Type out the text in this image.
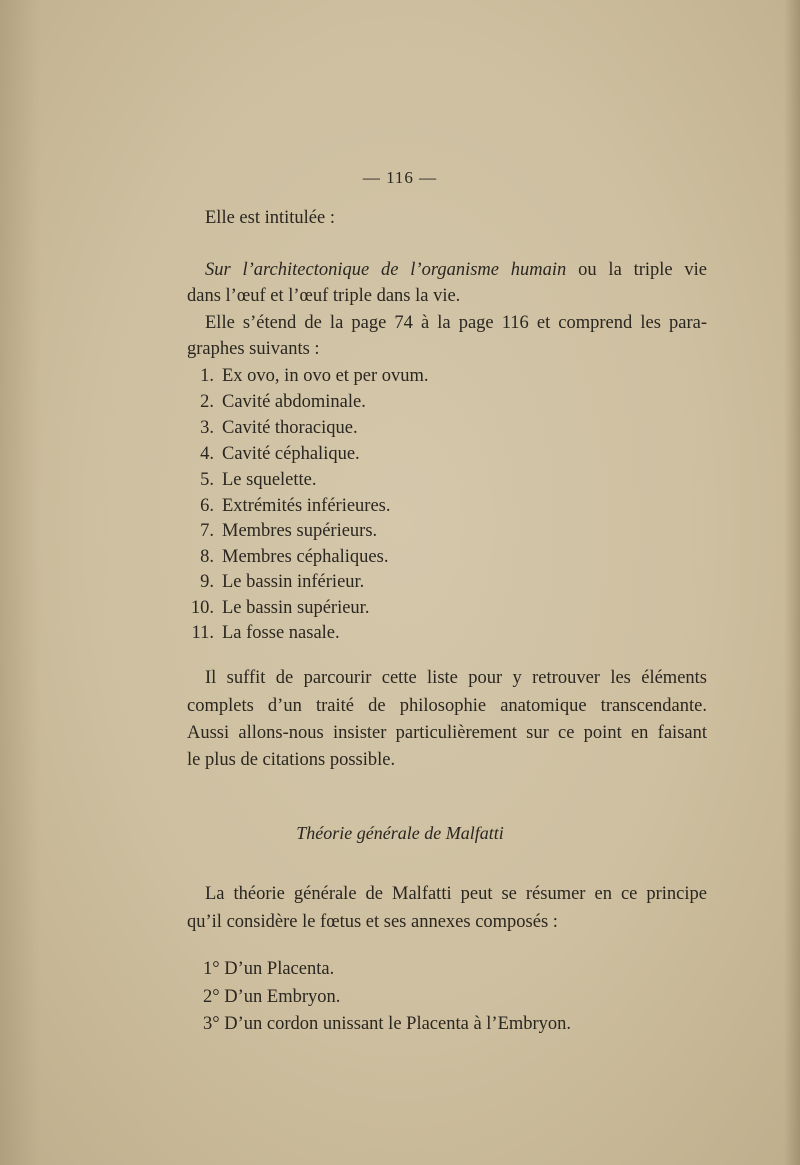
— 116 —
Elle est intitulée :
Sur l’architectonique de l’organisme humain ou la triple vie
dans l’œuf et l’œuf triple dans la vie.
Elle s’étend de la page 74 à la page 116 et comprend les para-
graphes suivants :
1. Ex ovo, in ovo et per ovum.
2. Cavité abdominale.
3. Cavité thoracique.
4. Cavité céphalique.
5. Le squelette.
6. Extrémités inférieures.
7. Membres supérieurs.
8. Membres céphaliques.
9. Le bassin inférieur.
10. Le bassin supérieur.
11. La fosse nasale.
Il suffit de parcourir cette liste pour y retrouver les éléments
complets d’un traité de philosophie anatomique transcendante.
Aussi allons-nous insister particulièrement sur ce point en faisant
le plus de citations possible.
Théorie générale de Malfatti
La théorie générale de Malfatti peut se résumer en ce principe
qu’il considère le fœtus et ses annexes composés :
1° D’un Placenta.
2° D’un Embryon.
3° D’un cordon unissant le Placenta à l’Embryon.
